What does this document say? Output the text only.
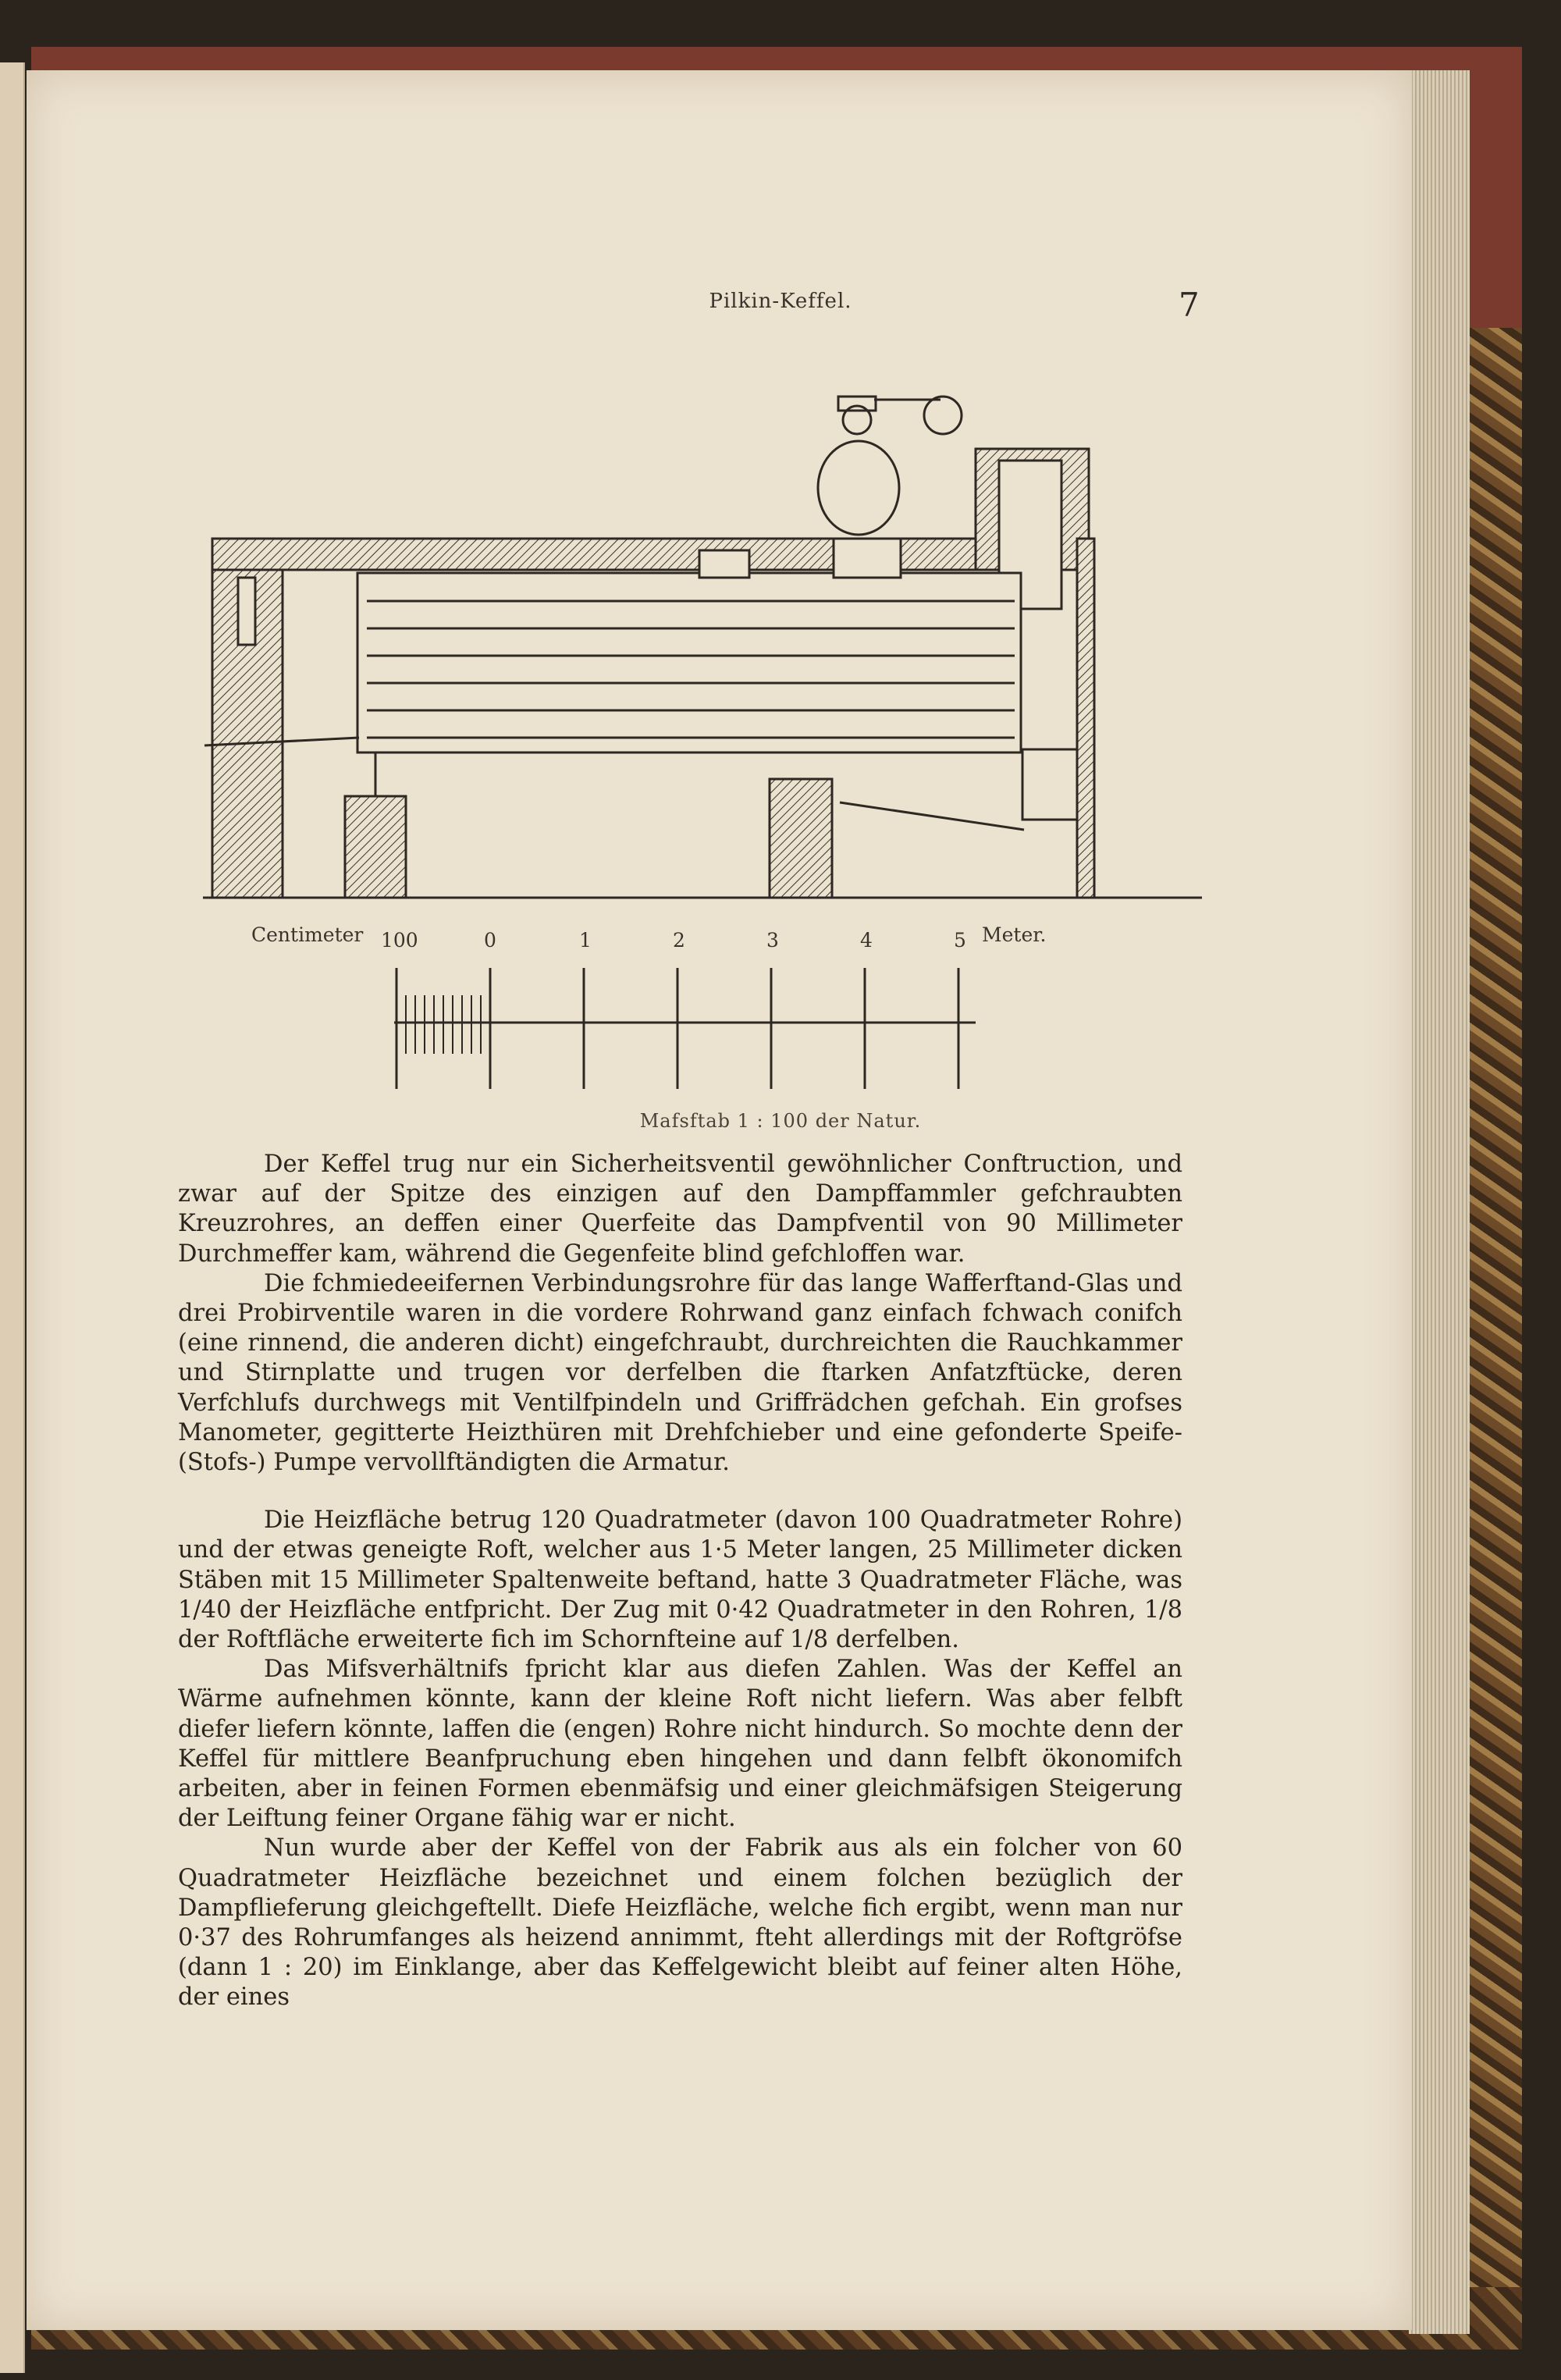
Pilkin-Keffel.	7
Centimeter 100	0	1	2	3	4	5 Meter.
Mafsftab 1 : 100 der Natur.

Der Keffel trug nur ein Sicherheitsventil gewöhnlicher Conftruction, und zwar auf der Spitze des einzigen auf den Dampffammler gefchraubten Kreuzrohres, an deffen einer Querfeite das Dampfventil von 90 Millimeter Durchmeffer kam, während die Gegenfeite blind gefchloffen war.

Die fchmiedeeifernen Verbindungsrohre für das lange Wafferftand-Glas und drei Probirventile waren in die vordere Rohrwand ganz einfach fchwach conifch (eine rinnend, die anderen dicht) eingefchraubt, durchreichten die Rauchkammer und Stirnplatte und trugen vor derfelben die ftarken Anfatzftücke, deren Verfchlufs durchwegs mit Ventilfpindeln und Griffrädchen gefchah. Ein grofses Manometer, gegitterte Heizthüren mit Drehfchieber und eine gefonderte Speife-(Stofs-) Pumpe vervollftändigten die Armatur.

Die Heizfläche betrug 120 Quadratmeter (davon 100 Quadratmeter Rohre) und der etwas geneigte Roft, welcher aus 1·5 Meter langen, 25 Millimeter dicken Stäben mit 15 Millimeter Spaltenweite beftand, hatte 3 Quadratmeter Fläche, was 1/40 der Heizfläche entfpricht. Der Zug mit 0·42 Quadratmeter in den Rohren, 1/8 der Roftfläche erweiterte fich im Schornfteine auf 1/8 derfelben.

Das Mifsverhältnifs fpricht klar aus diefen Zahlen. Was der Keffel an Wärme aufnehmen könnte, kann der kleine Roft nicht liefern. Was aber felbft diefer liefern könnte, laffen die (engen) Rohre nicht hindurch. So mochte denn der Keffel für mittlere Beanfpruchung eben hingehen und dann felbft ökonomifch arbeiten, aber in feinen Formen ebenmäfsig und einer gleichmäfsigen Steigerung der Leiftung feiner Organe fähig war er nicht.

Nun wurde aber der Keffel von der Fabrik aus als ein folcher von 60 Quadratmeter Heizfläche bezeichnet und einem folchen bezüglich der Dampflieferung gleichgeftellt. Diefe Heizfläche, welche fich ergibt, wenn man nur 0·37 des Rohrumfanges als heizend annimmt, fteht allerdings mit der Roftgröfse (dann 1 : 20) im Einklange, aber das Keffelgewicht bleibt auf feiner alten Höhe, der eines
